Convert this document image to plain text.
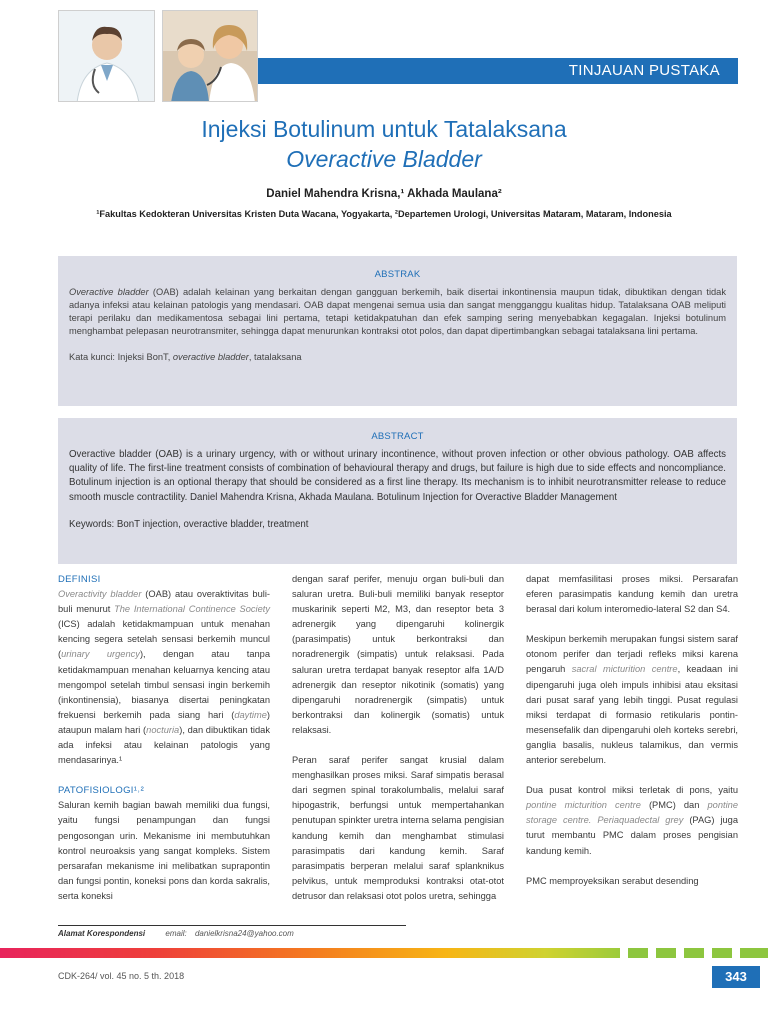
TINJAUAN PUSTAKA
Injeksi Botulinum untuk Tatalaksana
Overactive Bladder
Daniel Mahendra Krisna,¹ Akhada Maulana²
¹Fakultas Kedokteran Universitas Kristen Duta Wacana, Yogyakarta, ²Departemen Urologi, Universitas Mataram, Mataram, Indonesia
ABSTRAK

Overactive bladder (OAB) adalah kelainan yang berkaitan dengan gangguan berkemih, baik disertai inkontinensia maupun tidak, dibuktikan dengan tidak adanya infeksi atau kelainan patologis yang mendasari. OAB dapat mengenai semua usia dan sangat mengganggu kualitas hidup. Tatalaksana OAB meliputi terapi perilaku dan medikamentosa sebagai lini pertama, tetapi ketidakpatuhan dan efek samping sering menyebabkan kegagalan. Injeksi botulinum menghambat pelepasan neurotransmiter, sehingga dapat menurunkan kontraksi otot polos, dan dapat dipertimbangkan sebagai tatalaksana lini pertama.

Kata kunci: Injeksi BonT, overactive bladder, tatalaksana

ABSTRACT

Overactive bladder (OAB) is a urinary urgency, with or without urinary incontinence, without proven infection or other obvious pathology. OAB affects quality of life. The first-line treatment consists of combination of behavioural therapy and drugs, but failure is high due to side effects and noncompliance. Botulinum injection is an optional therapy that should be considered as a first line therapy. Its mechanism is to inhibit neurotransmitter release to reduce smooth muscle contractility. Daniel Mahendra Krisna, Akhada Maulana. Botulinum Injection for Overactive Bladder Management

Keywords: BonT injection, overactive bladder, treatment

DEFINISI

Overactivity bladder (OAB) atau overaktivitas buli-buli menurut The International Continence Society (ICS) adalah ketidakmampuan untuk menahan kencing segera setelah sensasi berkemih muncul (urinary urgency), dengan atau tanpa ketidakmampuan menahan keluarnya kencing atau mengompol setelah timbul sensasi ingin berkemih (inkontinensia), biasanya disertai peningkatan frekuensi berkemih pada siang hari (daytime) ataupun malam hari (nocturia), dan dibuktikan tidak ada infeksi atau kelainan patologis yang mendasarinya.¹

PATOFISIOLOGI¹˒²

Saluran kemih bagian bawah memiliki dua fungsi, yaitu fungsi penampungan dan fungsi pengosongan urin. Mekanisme ini membutuhkan kontrol neuroaksis yang sangat kompleks. Sistem persarafan mekanisme ini melibatkan suprapontin dan fungsi pontin, koneksi pons dan korda sakralis, serta koneksi

dengan saraf perifer, menuju organ buli-buli dan saluran uretra. Buli-buli memiliki banyak reseptor muskarinik seperti M2, M3, dan reseptor beta 3 adrenergik yang dipengaruhi kolinergik (parasimpatis) untuk berkontraksi dan noradrenergik (simpatis) untuk relaksasi. Pada saluran uretra terdapat banyak reseptor alfa 1A/D adrenergik dan reseptor nikotinik (somatis) yang dipengaruhi noradrenergik (simpatis) untuk berkontraksi dan kolinergik (somatis) untuk relaksasi.

Peran saraf perifer sangat krusial dalam menghasilkan proses miksi. Saraf simpatis berasal dari segmen spinal torakolumbalis, melalui saraf hipogastrik, berfungsi untuk mempertahankan penutupan spinkter uretra interna selama pengisian kandung kemih dan menghambat stimulasi parasimpatis dari kandung kemih. Saraf parasimpatis berperan melalui saraf splanknikus pelvikus, untuk memproduksi kontraksi otat-otot detrusor dan relaksasi otot polos uretra, sehingga

dapat memfasilitasi proses miksi. Persarafan eferen parasimpatis kandung kemih dan uretra berasal dari kolum interomedio-lateral S2 dan S4.

Meskipun berkemih merupakan fungsi sistem saraf otonom perifer dan terjadi refleks miksi karena pengaruh sacral micturition centre, keadaan ini dipengaruhi juga oleh impuls inhibisi atau eksitasi dari pusat saraf yang lebih tinggi. Pusat regulasi miksi terdapat di formasio retikularis pontin-mesensefalik dan dipengaruhi oleh korteks serebri, ganglia basalis, nukleus talamikus, dan vermis anterior serebelum.

Dua pusat kontrol miksi terletak di pons, yaitu pontine micturition centre (PMC) dan pontine storage centre. Periaquadectal grey (PAG) juga turut membantu PMC dalam proses pengisian kandung kemih.

PMC memproyeksikan serabut desending

Alamat Korespondensi	email: danielkrisna24@yahoo.com
CDK-264/ vol. 45 no. 5 th. 2018	343
